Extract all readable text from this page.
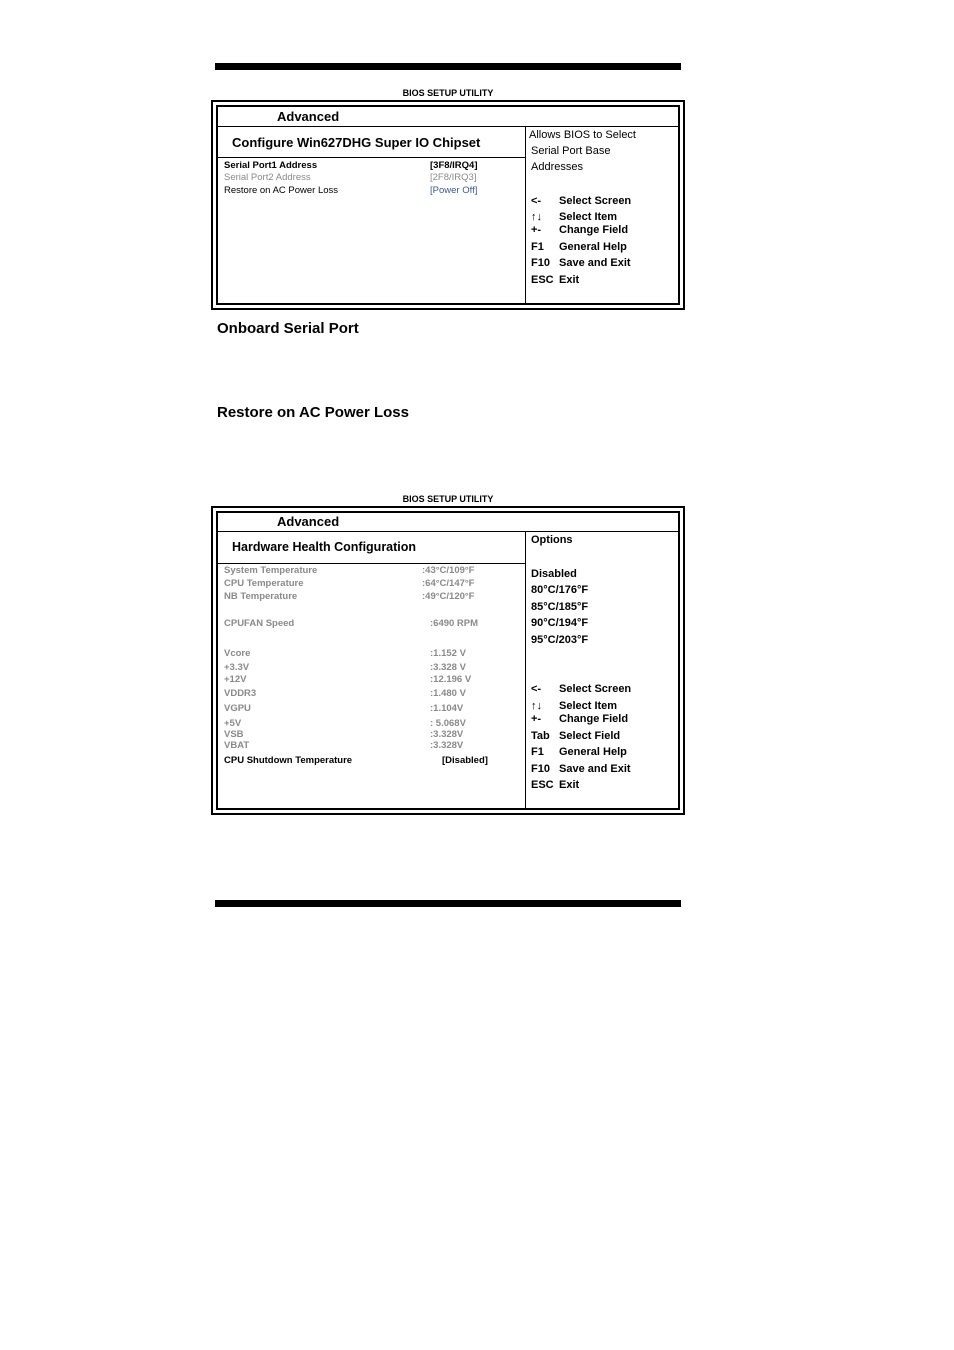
BIOS SETUP UTILITY
Advanced
Configure Win627DHG Super IO Chipset
Serial Port1 Address	[3F8/IRQ4]
Serial Port2 Address	[2F8/IRQ3]
Restore on AC Power Loss	[Power Off]
Allows BIOS to Select
Serial Port Base
Addresses
<- Select Screen
↑↓ Select Item
+- Change Field
F1 General Help
F10 Save and Exit
ESC Exit
Onboard Serial Port
Restore on AC Power Loss
BIOS SETUP UTILITY
Advanced
Hardware Health Configuration
System Temperature	:43°C/109°F
CPU Temperature	:64°C/147°F
NB Temperature	:49°C/120°F
CPUFAN Speed	:6490 RPM
Vcore	:1.152 V
+3.3V	:3.328 V
+12V	:12.196 V
VDDR3	:1.480 V
VGPU	:1.104V
+5V	: 5.068V
VSB	:3.328V
VBAT	:3.328V
CPU Shutdown Temperature	[Disabled]
Options
Disabled
80°C/176°F
85°C/185°F
90°C/194°F
95°C/203°F
<- Select Screen
↑↓ Select Item
+- Change Field
Tab Select Field
F1 General Help
F10 Save and Exit
ESC Exit
